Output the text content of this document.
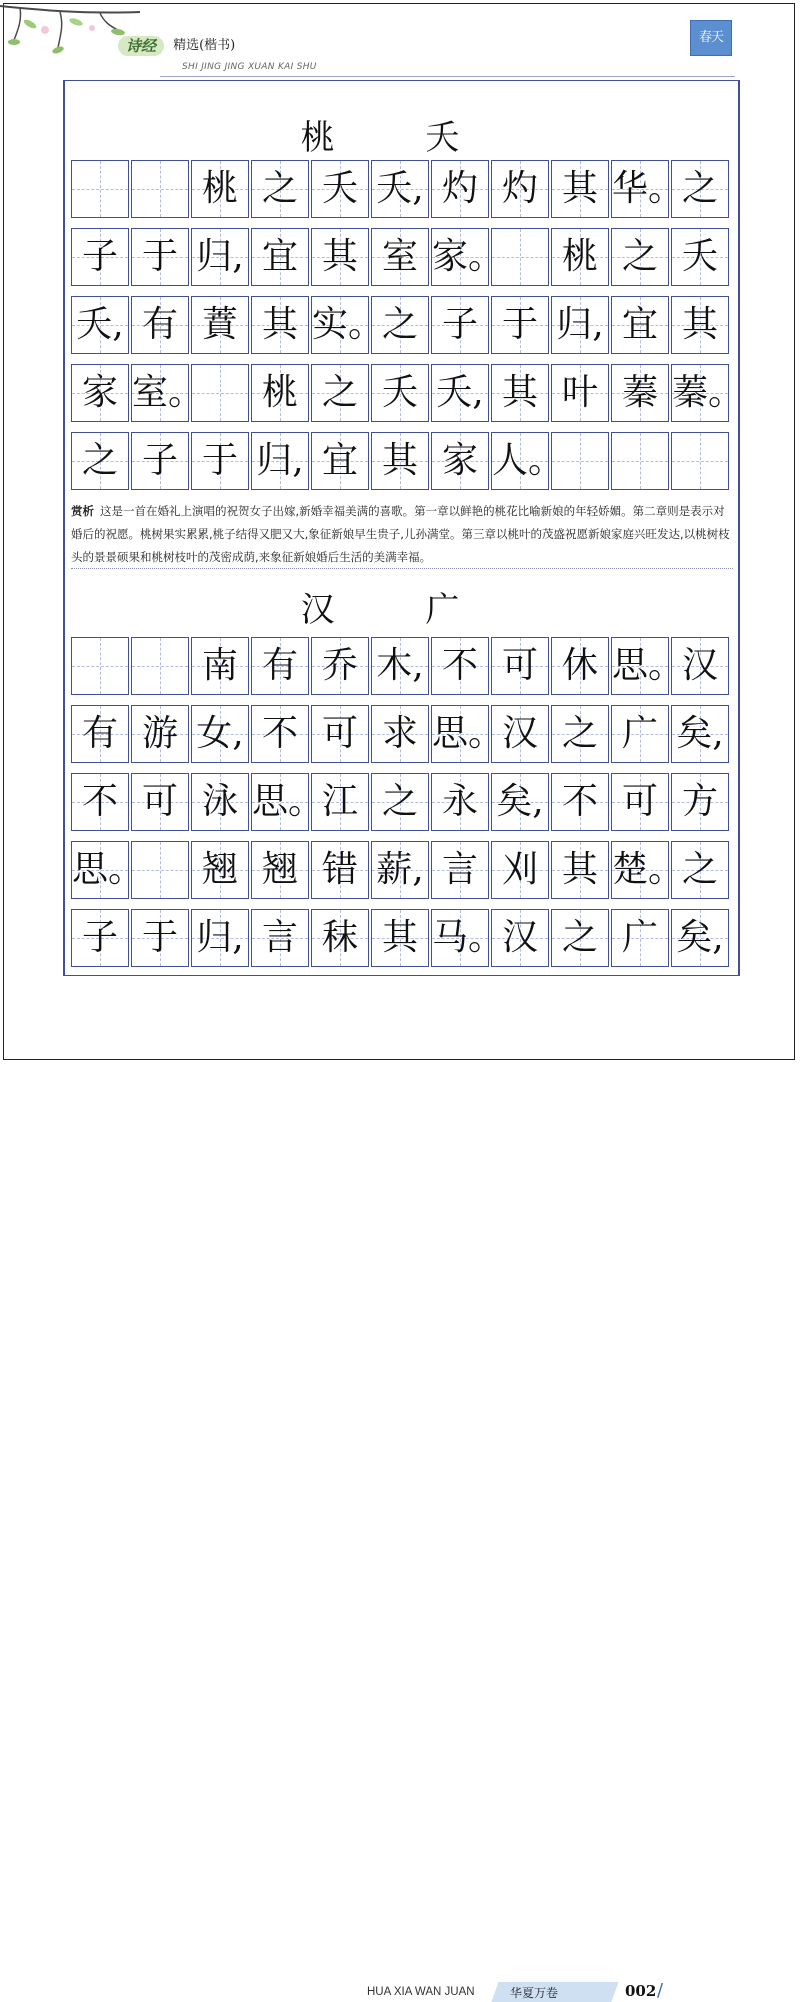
诗经 精选(楷书)
SHI JING JING XUAN KAI SHU
春天
桃 夭
桃 之 夭 夭, 灼 灼 其 华。
之
子 于 归, 宜 其 室 家。	桃 之 夭
夭, 有 蕡 其 实。
之 子 于 归, 宜 其
家 室。	桃 之 夭 夭, 其 叶 蓁 蓁。
之 子 于 归, 宜 其 家 人。
赏析 这是一首在婚礼上演唱的祝贺女子出嫁,新婚幸福美满的喜歌。第一章以鲜艳的桃花比喻新娘的年轻娇媚。第二章则是表示对婚后的祝愿。桃树果实累累,桃子结得又肥又大,象征新娘早生贵子,儿孙满堂。第三章以桃叶的茂盛祝愿新娘家庭兴旺发达,以桃树枝头的景景硕果和桃树枝叶的茂密成荫,来象征新娘婚后生活的美满幸福。
汉 广
南 有 乔 木, 不 可 休 思。
汉
有 游 女, 不 可 求 思。
汉 之 广 矣,
不 可 泳 思。
江 之 永 矣, 不 可 方
思。	翘 翘 错 薪, 言 刈 其 楚。
之
子 于 归, 言 秣 其 马。
汉 之 广 矣,
HUA XIA WAN JUAN	华夏万卷	002 /
